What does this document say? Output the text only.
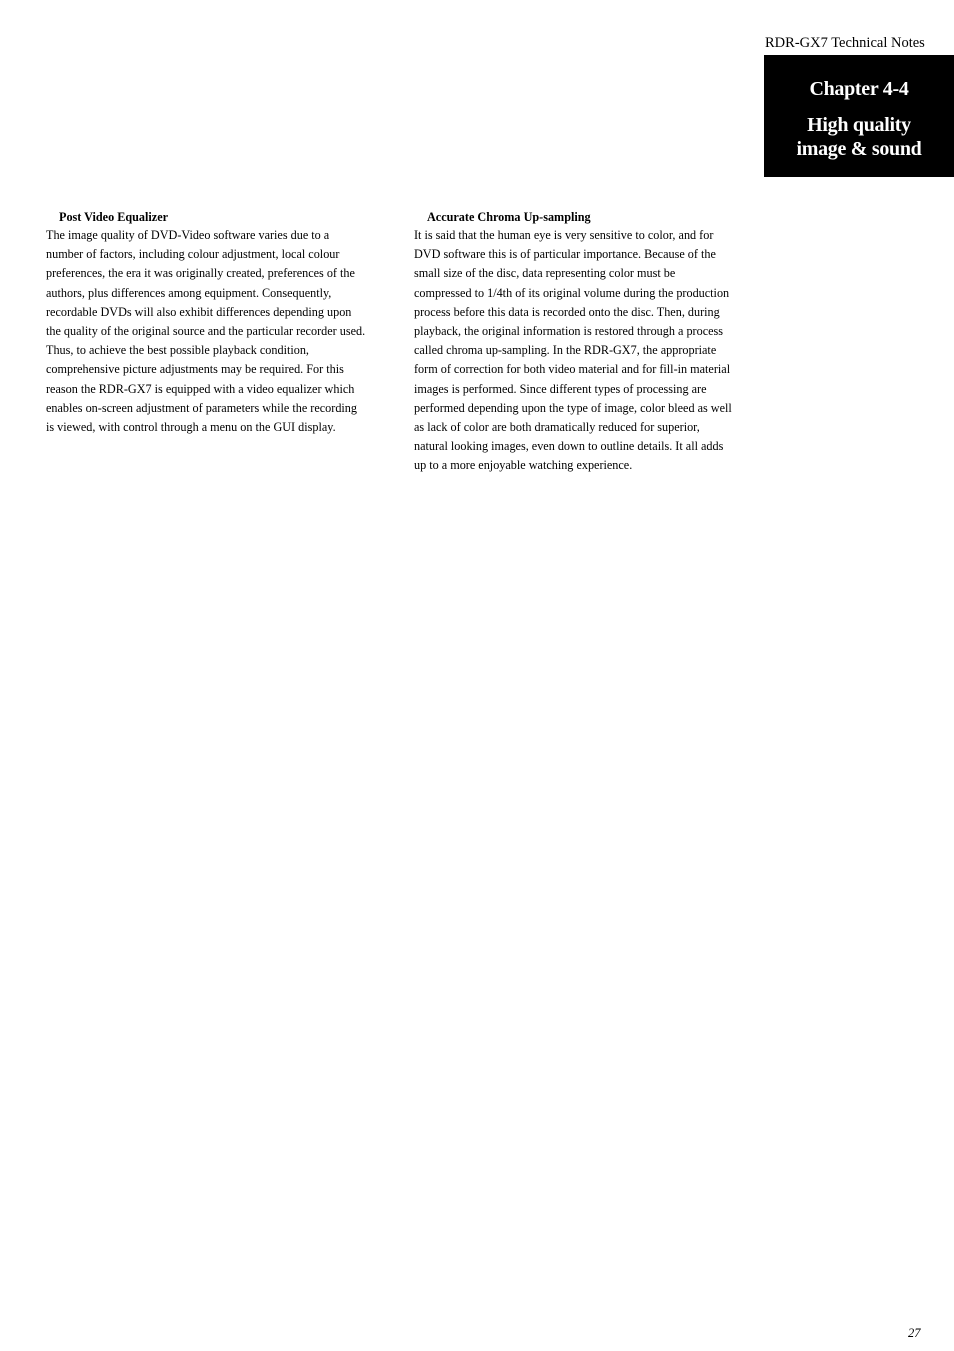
RDR-GX7 Technical Notes
Chapter 4-4
High quality
image & sound

Post Video Equalizer

The image quality of DVD-Video software varies due to a
number of factors, including colour adjustment, local colour
preferences, the era it was originally created, preferences of the
authors, plus differences among equipment. Consequently,
recordable DVDs will also exhibit differences depending upon
the quality of the original source and the particular recorder used.
Thus, to achieve the best possible playback condition,
comprehensive picture adjustments may be required. For this
reason the RDR-GX7 is equipped with a video equalizer which
enables on-screen adjustment of parameters while the recording
is viewed, with control through a menu on the GUI display.

Accurate Chroma Up-sampling

It is said that the human eye is very sensitive to color, and for
DVD software this is of particular importance. Because of the
small size of the disc, data representing color must be
compressed to 1/4th of its original volume during the production
process before this data is recorded onto the disc. Then, during
playback, the original information is restored through a process
called chroma up-sampling. In the RDR-GX7, the appropriate
form of correction for both video material and for fill-in material
images is performed. Since different types of processing are
performed depending upon the type of image, color bleed as well
as lack of color are both dramatically reduced for superior,
natural looking images, even down to outline details. It all adds
up to a more enjoyable watching experience.
27
